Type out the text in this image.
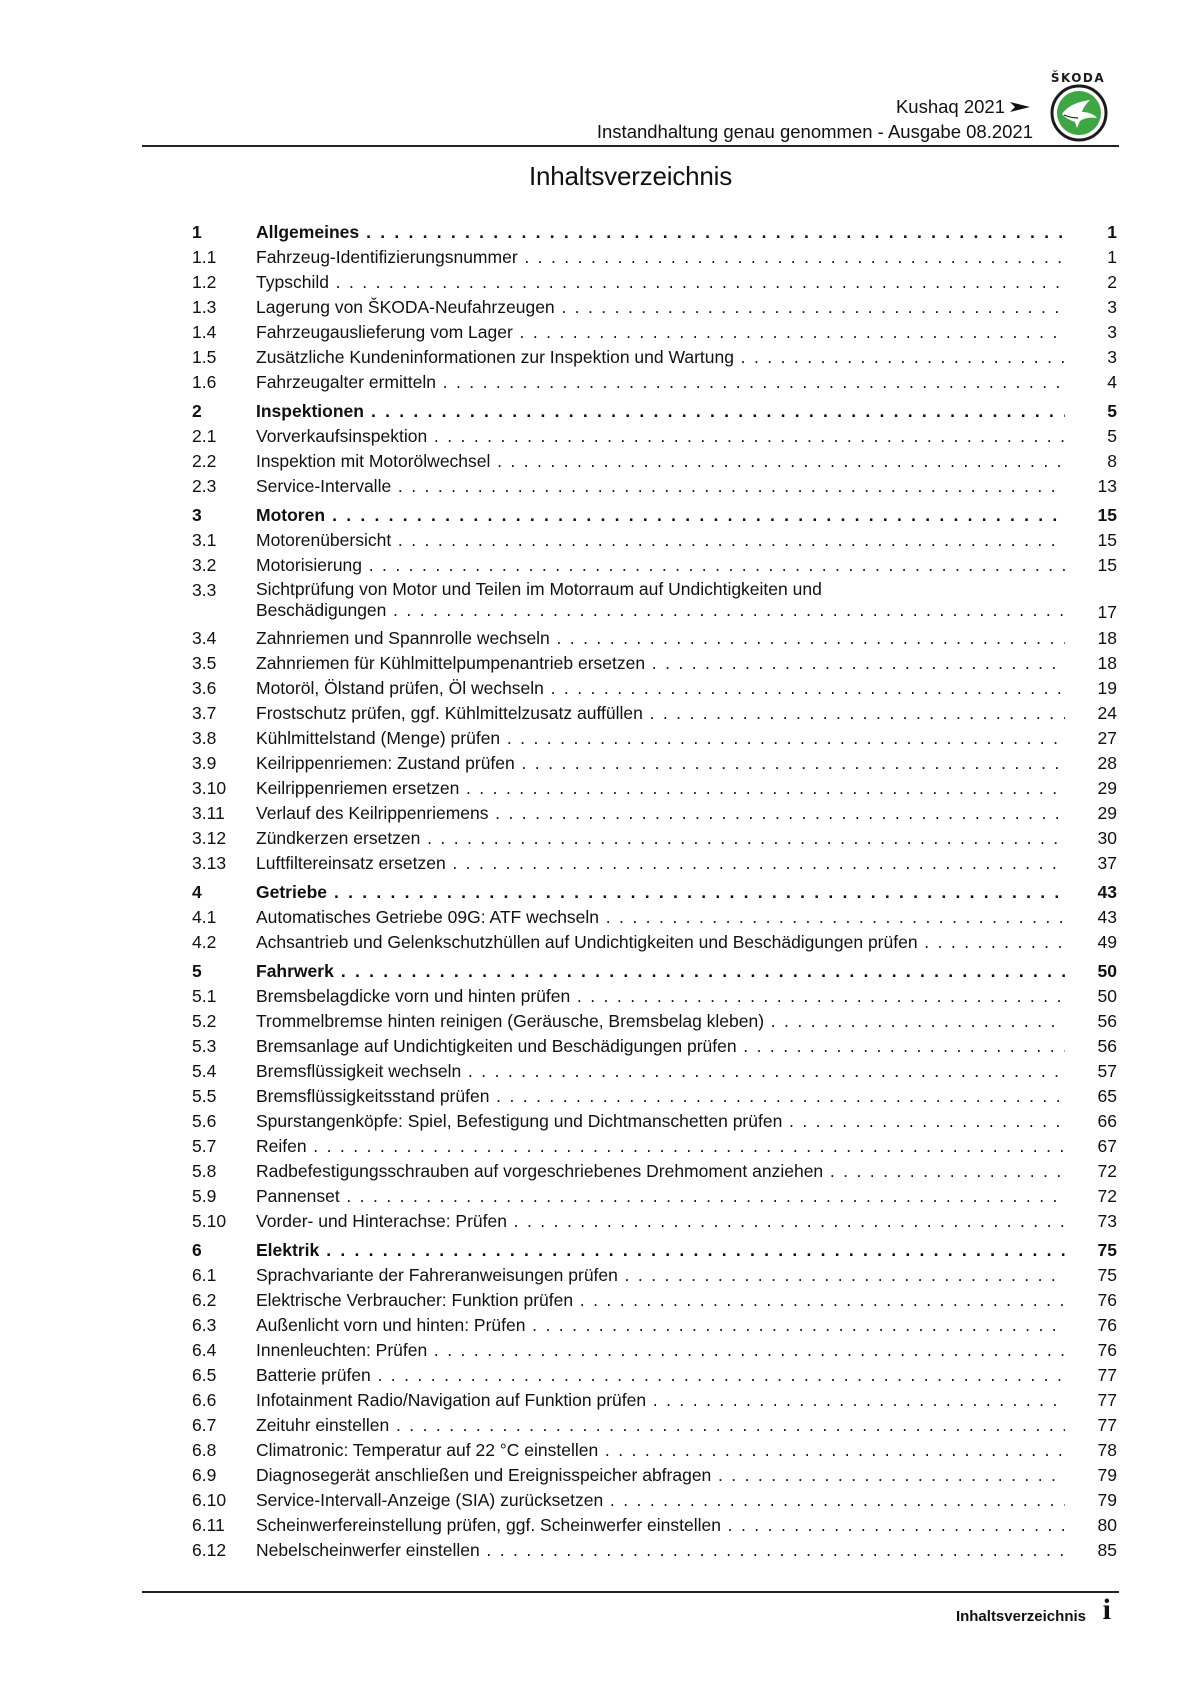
ŠKODA
Kushaq 2021
Instandhaltung genau genommen - Ausgabe 08.2021
Inhaltsverzeichnis
1	Allgemeines . . .	1
1.1 Fahrzeug-Identifizierungsnummer . . .	1
1.2 Typschild . . .	2
1.3 Lagerung von ŠKODA-Neufahrzeugen . . .	3
1.4 Fahrzeugauslieferung vom Lager . . .	3
1.5 Zusätzliche Kundeninformationen zur Inspektion und Wartung . . .	3
1.6 Fahrzeugalter ermitteln . . .	4
2	Inspektionen . . .	5
2.1 Vorverkaufsinspektion . . .	5
2.2 Inspektion mit Motorölwechsel . . .	8
2.3 Service-Intervalle . . .	13
3	Motoren . . .	15
3.1 Motorenübersicht . . .	15
3.2 Motorisierung . . .	15
3.3 Sichtprüfung von Motor und Teilen im Motorraum auf Undichtigkeiten und
Beschädigungen . . .	17
3.4 Zahnriemen und Spannrolle wechseln . . .	18
3.5 Zahnriemen für Kühlmittelpumpenantrieb ersetzen . . .	18
3.6 Motoröl, Ölstand prüfen, Öl wechseln . . .	19
3.7 Frostschutz prüfen, ggf. Kühlmittelzusatz auffüllen . . .	24
3.8 Kühlmittelstand (Menge) prüfen . . .	27
3.9 Keilrippenriemen: Zustand prüfen . . .	28
3.10 Keilrippenriemen ersetzen . . .	29
3.11 Verlauf des Keilrippenriemens . . .	29
3.12 Zündkerzen ersetzen . . .	30
3.13 Luftfiltereinsatz ersetzen . . .	37
4	Getriebe . . .	43
4.1 Automatisches Getriebe 09G: ATF wechseln . . .	43
4.2 Achsantrieb und Gelenkschutzhüllen auf Undichtigkeiten und Beschädigungen prüfen . . .	49
5	Fahrwerk . . .	50
5.1 Bremsbelagdicke vorn und hinten prüfen . . .	50
5.2 Trommelbremse hinten reinigen (Geräusche, Bremsbelag kleben) . . .	56
5.3 Bremsanlage auf Undichtigkeiten und Beschädigungen prüfen . . .	56
5.4 Bremsflüssigkeit wechseln . . .	57
5.5 Bremsflüssigkeitsstand prüfen . . .	65
5.6 Spurstangenköpfe: Spiel, Befestigung und Dichtmanschetten prüfen . . .	66
5.7 Reifen . . .	67
5.8 Radbefestigungsschrauben auf vorgeschriebenes Drehmoment anziehen . . .	72
5.9 Pannenset . . .	72
5.10 Vorder- und Hinterachse: Prüfen . . .	73
6	Elektrik . . .	75
6.1 Sprachvariante der Fahreranweisungen prüfen . . .	75
6.2 Elektrische Verbraucher: Funktion prüfen . . .	76
6.3 Außenlicht vorn und hinten: Prüfen . . .	76
6.4 Innenleuchten: Prüfen . . .	76
6.5 Batterie prüfen . . .	77
6.6 Infotainment Radio/Navigation auf Funktion prüfen . . .	77
6.7 Zeituhr einstellen . . .	77
6.8 Climatronic: Temperatur auf 22 °C einstellen . . .	78
6.9 Diagnosegerät anschließen und Ereignisspeicher abfragen . . .	79
6.10 Service-Intervall-Anzeige (SIA) zurücksetzen . . .	79
6.11 Scheinwerfereinstellung prüfen, ggf. Scheinwerfer einstellen . . .	80
6.12 Nebelscheinwerfer einstellen . . .	85
Inhaltsverzeichnis i
